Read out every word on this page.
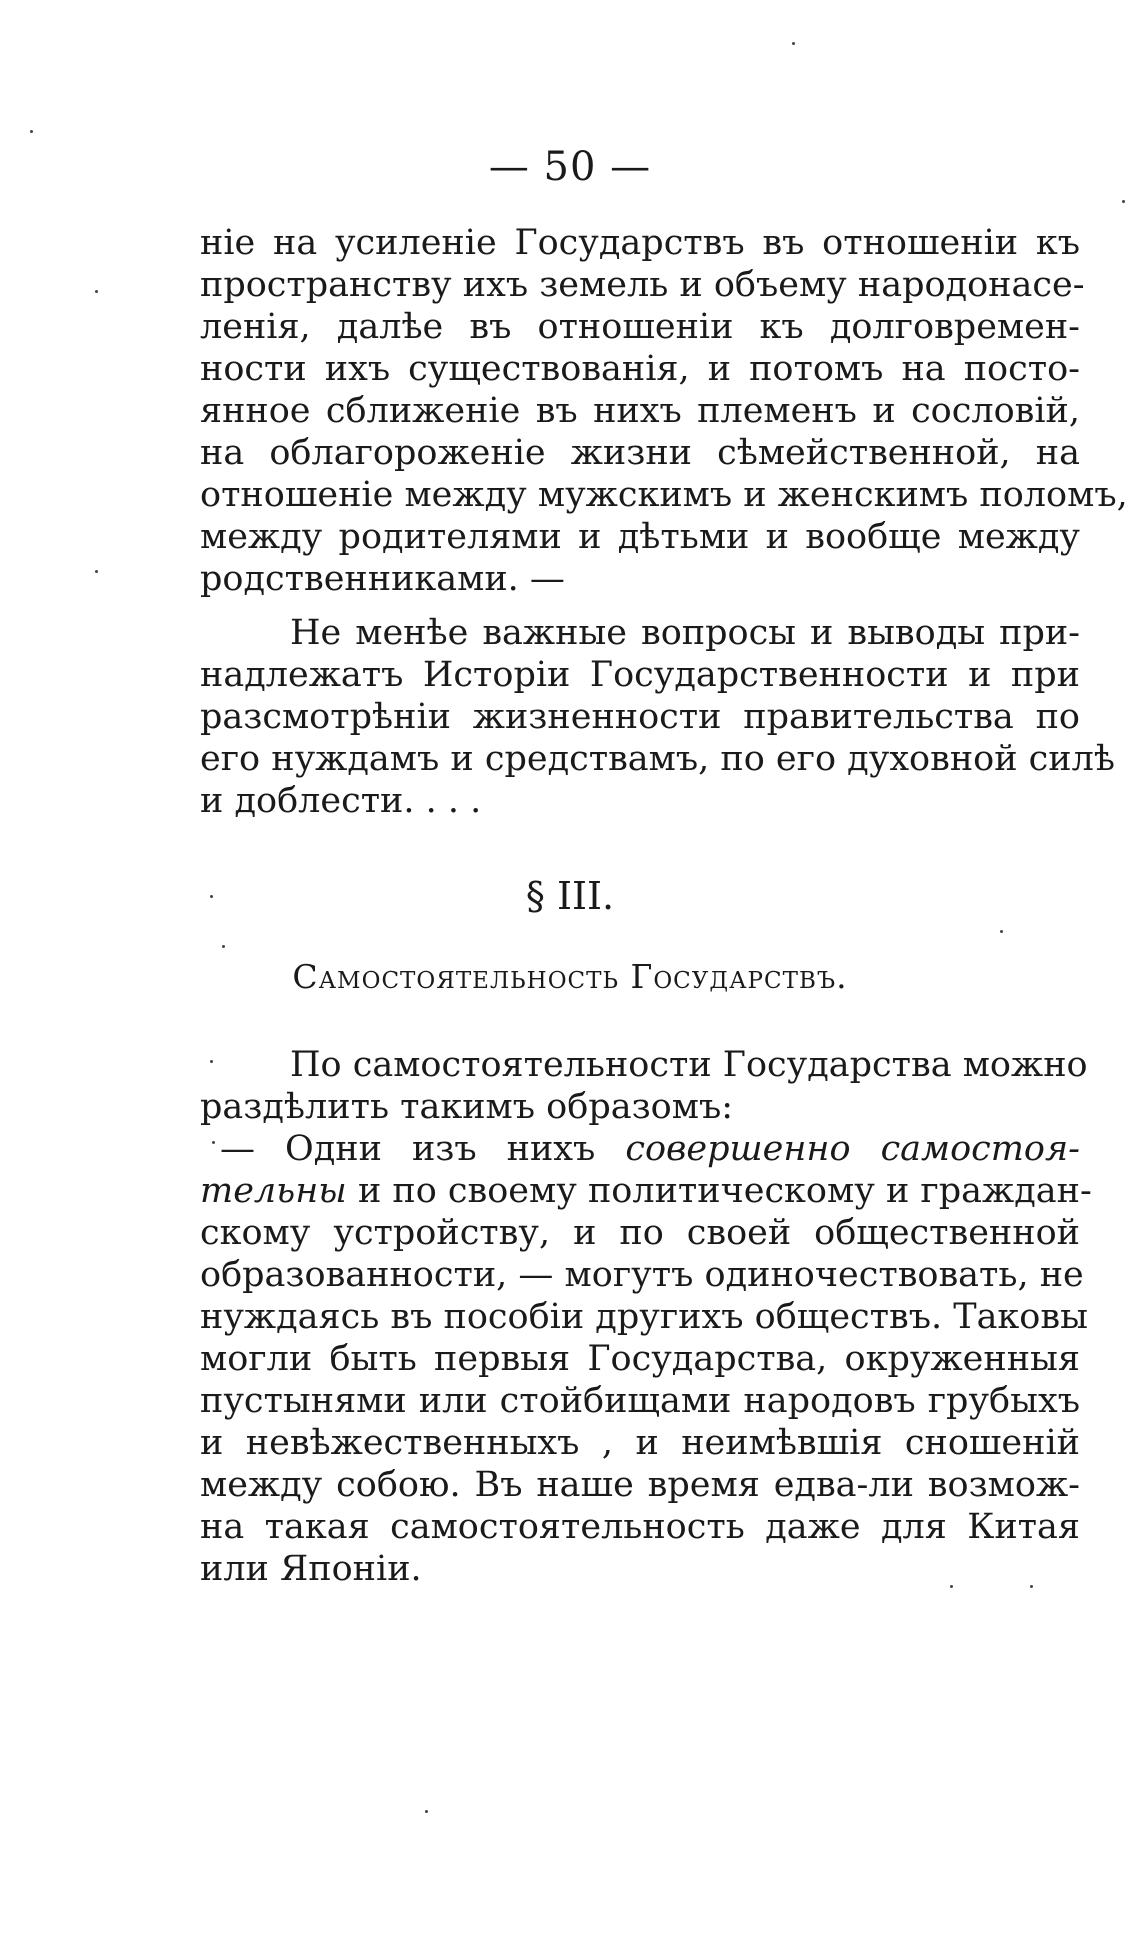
— 50 —
ніе на усиленіе Государствъ въ отношеніи къ
пространству ихъ земель и объему народонасе-
ленія, далѣе въ отношеніи къ долговремен-
ности ихъ существованія, и потомъ на посто-
янное сближеніе въ нихъ племенъ и сословій,
на облагороженіе жизни сѣмейственной, на
отношеніе между мужскимъ и женскимъ поломъ,
между родителями и дѣтьми и вообще между
родственниками. —
Не менѣе важные вопросы и выводы при-
надлежатъ Исторіи Государственности и при
разсмотрѣніи жизненности правительства по
его нуждамъ и средствамъ, по его духовной силѣ
и доблести. . . .
§ III.
Самостоятельность Государствъ.
По самостоятельности Государства можно
раздѣлить такимъ образомъ:
— Одни изъ нихъ совершенно самостоя-
тельны и по своему политическому и граждан-
скому устройству, и по своей общественной
образованности, — могутъ одиночествовать, не
нуждаясь въ пособіи другихъ обществъ. Таковы
могли быть первыя Государства, окруженныя
пустынями или стойбищами народовъ грубыхъ
и невѣжественныхъ , и неимѣвшія сношеній
между собою. Въ наше время едва-ли возмож-
на такая самостоятельность даже для Китая
или Японіи.
